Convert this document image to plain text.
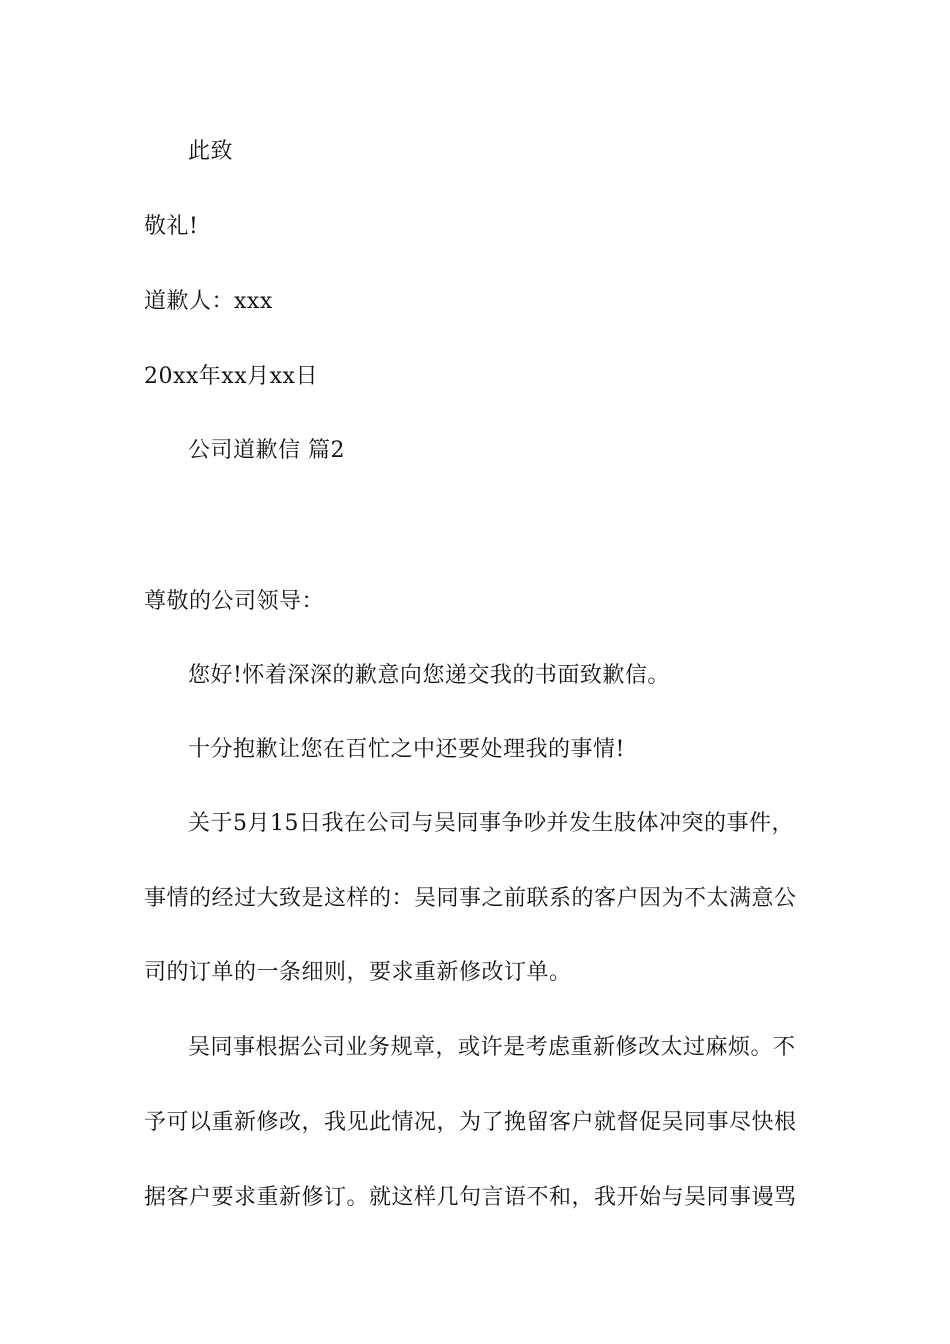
此致
敬礼!
道歉人：xxx
20xx年xx月xx日
公司道歉信 篇2
尊敬的公司领导：
您好!怀着深深的歉意向您递交我的书面致歉信。
十分抱歉让您在百忙之中还要处理我的事情!
关于5月15日我在公司与吴同事争吵并发生肢体冲突的事件，
事情的经过大致是这样的：吴同事之前联系的客户因为不太满意公
司的订单的一条细则，要求重新修改订单。
吴同事根据公司业务规章，或许是考虑重新修改太过麻烦。不
予可以重新修改，我见此情况，为了挽留客户就督促吴同事尽快根
据客户要求重新修订。就这样几句言语不和，我开始与吴同事谩骂
